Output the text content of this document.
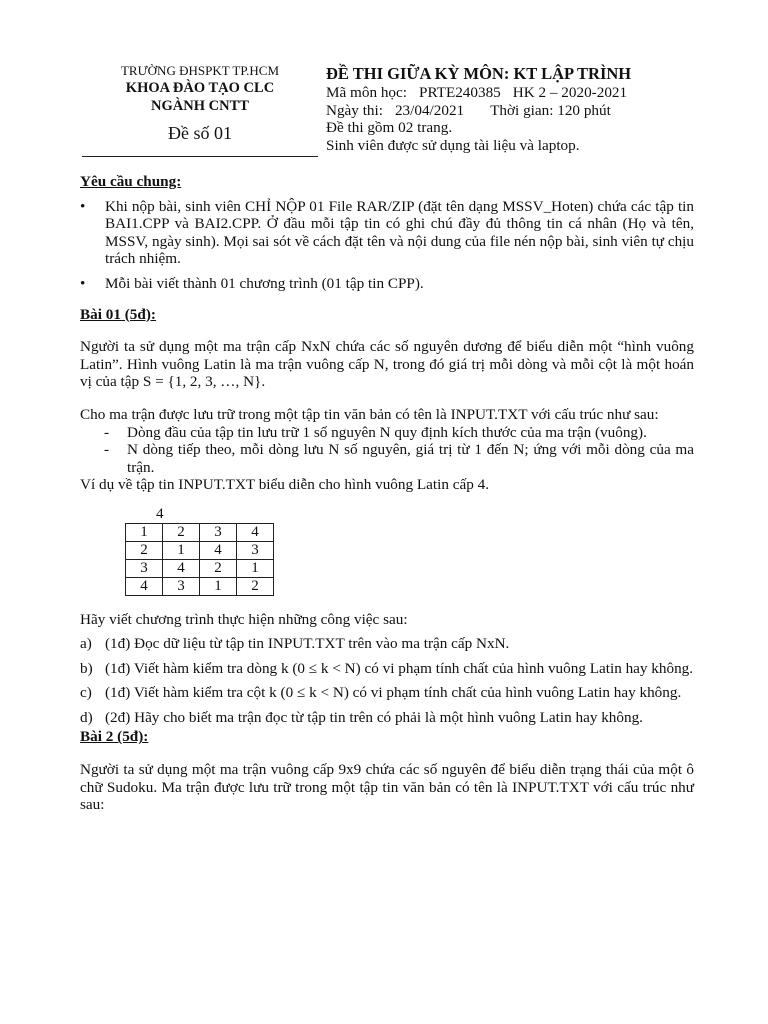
TRƯỜNG ĐHSPKT TP.HCM
KHOA ĐÀO TẠO CLC
NGÀNH CNTT
Đề số 01
ĐỀ THI GIỮA KỲ MÔN: KT LẬP TRÌNH
Mã môn học: PRTE240385 HK 2 – 2020-2021
Ngày thi: 23/04/2021 Thời gian: 120 phút
Đề thi gồm 02 trang.
Sinh viên được sử dụng tài liệu và laptop.
Yêu cầu chung:
• Khi nộp bài, sinh viên CHỈ NỘP 01 File RAR/ZIP (đặt tên dạng MSSV_Hoten) chứa các tập tin BAI1.CPP và BAI2.CPP. Ở đầu mỗi tập tin có ghi chú đầy đủ thông tin cá nhân (Họ và tên, MSSV, ngày sinh). Mọi sai sót về cách đặt tên và nội dung của file nén nộp bài, sinh viên tự chịu trách nhiệm.
• Mỗi bài viết thành 01 chương trình (01 tập tin CPP).
Bài 01 (5đ):
Người ta sử dụng một ma trận cấp NxN chứa các số nguyên dương để biểu diễn một “hình vuông Latin”. Hình vuông Latin là ma trận vuông cấp N, trong đó giá trị mỗi dòng và mỗi cột là một hoán vị của tập S = {1, 2, 3, …, N}.
Cho ma trận được lưu trữ trong một tập tin văn bản có tên là INPUT.TXT với cấu trúc như sau:
- Dòng đầu của tập tin lưu trữ 1 số nguyên N quy định kích thước của ma trận (vuông).
- N dòng tiếp theo, mỗi dòng lưu N số nguyên, giá trị từ 1 đến N; ứng với mỗi dòng của ma trận.
Ví dụ về tập tin INPUT.TXT biểu diễn cho hình vuông Latin cấp 4.
4
1	2	3	4
2	1	4	3
3	4	2	1
4	3	1	2
Hãy viết chương trình thực hiện những công việc sau:
a) (1đ) Đọc dữ liệu từ tập tin INPUT.TXT trên vào ma trận cấp NxN.
b) (1đ) Viết hàm kiểm tra dòng k (0 ≤ k < N) có vi phạm tính chất của hình vuông Latin hay không.
c) (1đ) Viết hàm kiểm tra cột k (0 ≤ k < N) có vi phạm tính chất của hình vuông Latin hay không.
d) (2đ) Hãy cho biết ma trận đọc từ tập tin trên có phải là một hình vuông Latin hay không.
Bài 2 (5đ):
Người ta sử dụng một ma trận vuông cấp 9x9 chứa các số nguyên để biểu diễn trạng thái của một ô chữ Sudoku. Ma trận được lưu trữ trong một tập tin văn bản có tên là INPUT.TXT với cấu trúc như sau:
